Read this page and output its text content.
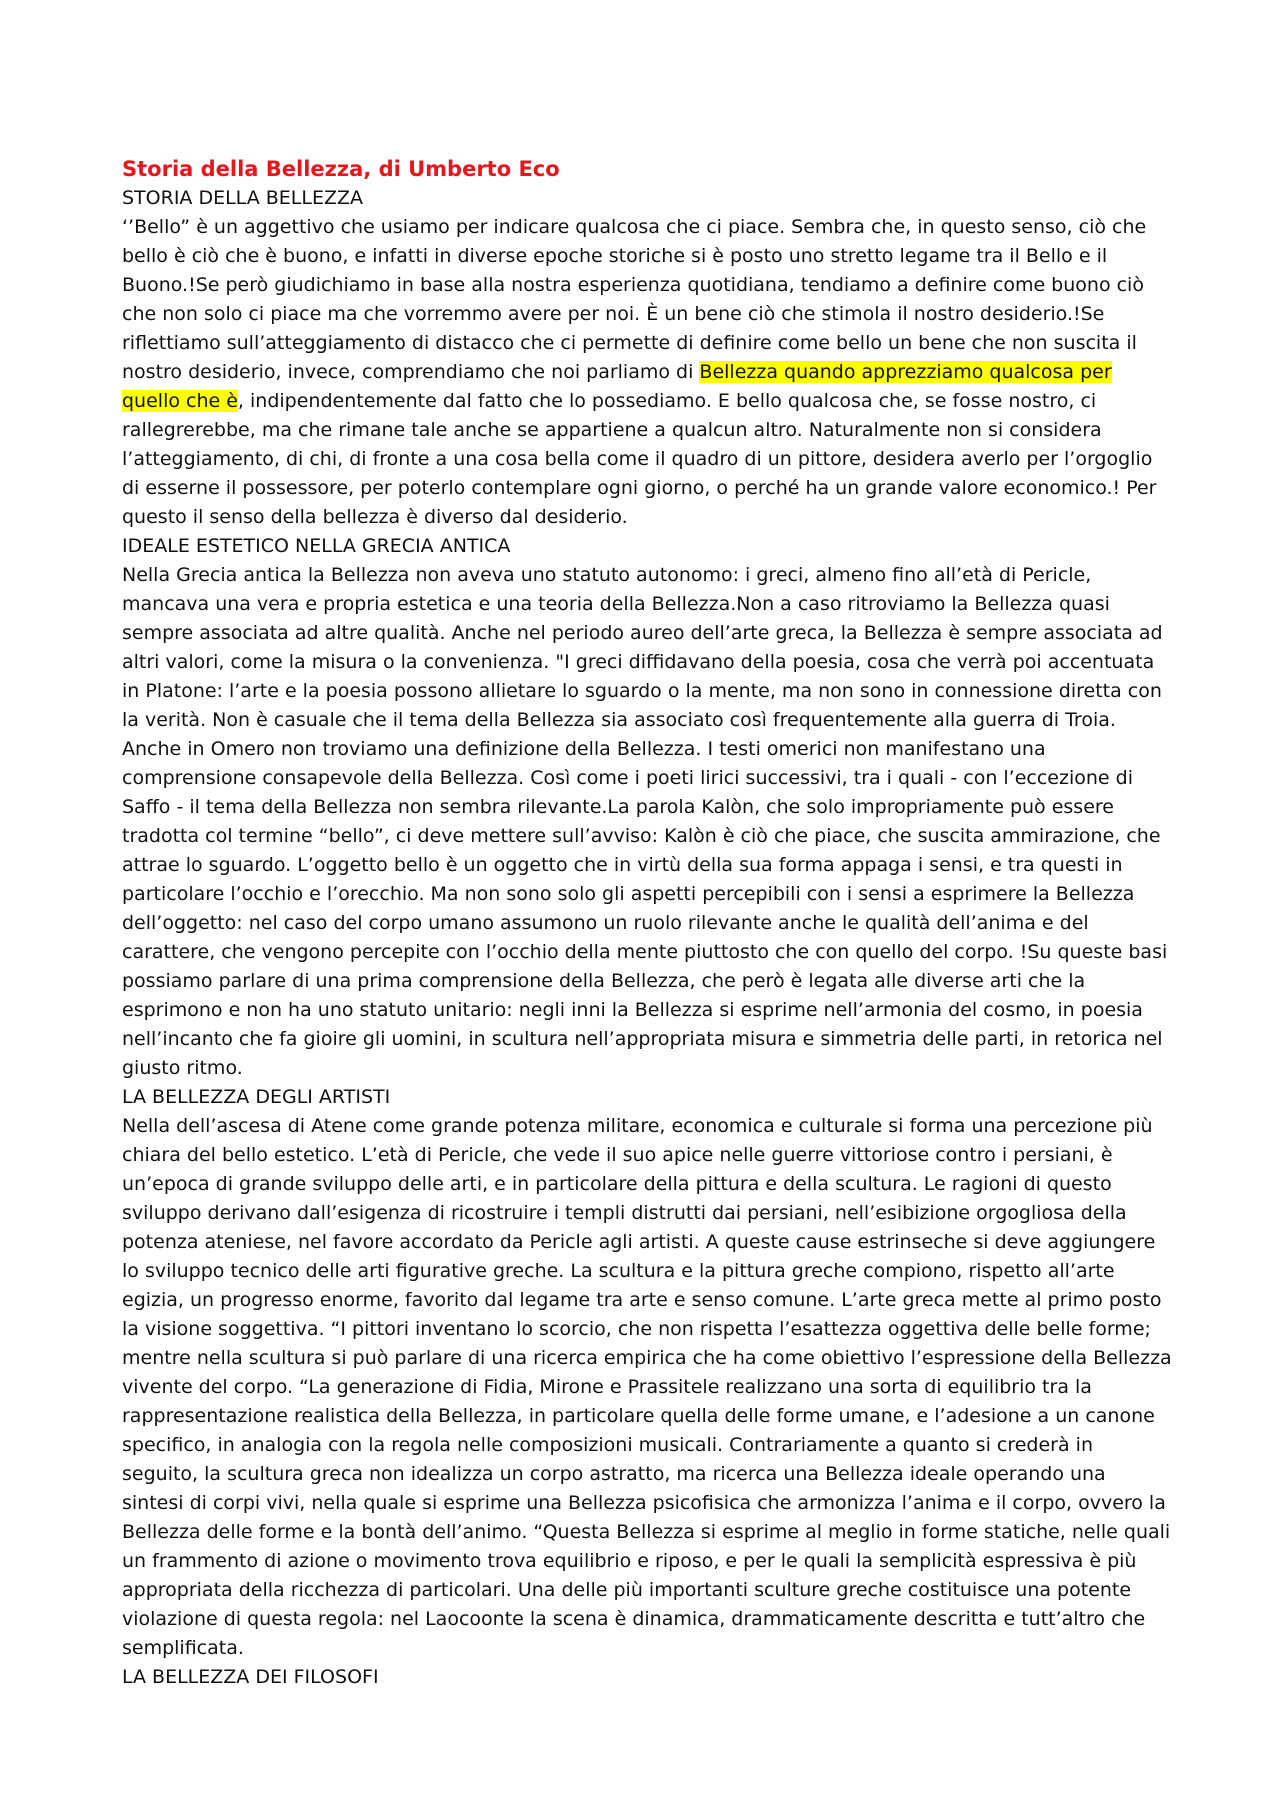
Storia della Bellezza, di Umberto Eco
STORIA DELLA BELLEZZA

‘’Bello” è un aggettivo che usiamo per indicare qualcosa che ci piace. Sembra che, in questo senso, ciò che bello è ciò che è buono, e infatti in diverse epoche storiche si è posto uno stretto legame tra il Bello e il Buono.!Se però giudichiamo in base alla nostra esperienza quotidiana, tendiamo a definire come buono ciò che non solo ci piace ma che vorremmo avere per noi. È un bene ciò che stimola il nostro desiderio.!Se riflettiamo sull’atteggiamento di distacco che ci permette di definire come bello un bene che non suscita il nostro desiderio, invece, comprendiamo che noi parliamo di Bellezza quando apprezziamo qualcosa per quello che è, indipendentemente dal fatto che lo possediamo. E bello qualcosa che, se fosse nostro, ci rallegrerebbe, ma che rimane tale anche se appartiene a qualcun altro. Naturalmente non si considera l’atteggiamento, di chi, di fronte a una cosa bella come il quadro di un pittore, desidera averlo per l’orgoglio di esserne il possessore, per poterlo contemplare ogni giorno, o perché ha un grande valore economico.! Per questo il senso della bellezza è diverso dal desiderio.

IDEALE ESTETICO NELLA GRECIA ANTICA

Nella Grecia antica la Bellezza non aveva uno statuto autonomo: i greci, almeno fino all’età di Pericle, mancava una vera e propria estetica e una teoria della Bellezza.Non a caso ritroviamo la Bellezza quasi sempre associata ad altre qualità. Anche nel periodo aureo dell’arte greca, la Bellezza è sempre associata ad altri valori, come la misura o la convenienza. "I greci diffidavano della poesia, cosa che verrà poi accentuata in Platone: l’arte e la poesia possono allietare lo sguardo o la mente, ma non sono in connessione diretta con la verità. Non è casuale che il tema della Bellezza sia associato così frequentemente alla guerra di Troia. Anche in Omero non troviamo una definizione della Bellezza. I testi omerici non manifestano una comprensione consapevole della Bellezza. Così come i poeti lirici successivi, tra i quali - con l’eccezione di Saffo - il tema della Bellezza non sembra rilevante.La parola Kalòn, che solo impropriamente può essere tradotta col termine “bello”, ci deve mettere sull’avviso: Kalòn è ciò che piace, che suscita ammirazione, che attrae lo sguardo. L’oggetto bello è un oggetto che in virtù della sua forma appaga i sensi, e tra questi in particolare l’occhio e l’orecchio. Ma non sono solo gli aspetti percepibili con i sensi a esprimere la Bellezza dell’oggetto: nel caso del corpo umano assumono un ruolo rilevante anche le qualità dell’anima e del carattere, che vengono percepite con l’occhio della mente piuttosto che con quello del corpo. !Su queste basi possiamo parlare di una prima comprensione della Bellezza, che però è legata alle diverse arti che la esprimono e non ha uno statuto unitario: negli inni la Bellezza si esprime nell’armonia del cosmo, in poesia nell’incanto che fa gioire gli uomini, in scultura nell’appropriata misura e simmetria delle parti, in retorica nel giusto ritmo.

LA BELLEZZA DEGLI ARTISTI

Nella dell’ascesa di Atene come grande potenza militare, economica e culturale si forma una percezione più chiara del bello estetico. L’età di Pericle, che vede il suo apice nelle guerre vittoriose contro i persiani, è un’epoca di grande sviluppo delle arti, e in particolare della pittura e della scultura. Le ragioni di questo sviluppo derivano dall’esigenza di ricostruire i templi distrutti dai persiani, nell’esibizione orgogliosa della potenza ateniese, nel favore accordato da Pericle agli artisti. A queste cause estrinseche si deve aggiungere lo sviluppo tecnico delle arti figurative greche. La scultura e la pittura greche compiono, rispetto all’arte egizia, un progresso enorme, favorito dal legame tra arte e senso comune. L’arte greca mette al primo posto la visione soggettiva. “I pittori inventano lo scorcio, che non rispetta l’esattezza oggettiva delle belle forme; mentre nella scultura si può parlare di una ricerca empirica che ha come obiettivo l’espressione della Bellezza vivente del corpo. “La generazione di Fidia, Mirone e Prassitele realizzano una sorta di equilibrio tra la rappresentazione realistica della Bellezza, in particolare quella delle forme umane, e l’adesione a un canone specifico, in analogia con la regola nelle composizioni musicali. Contrariamente a quanto si crederà in seguito, la scultura greca non idealizza un corpo astratto, ma ricerca una Bellezza ideale operando una sintesi di corpi vivi, nella quale si esprime una Bellezza psicofisica che armonizza l’anima e il corpo, ovvero la Bellezza delle forme e la bontà dell’animo. “Questa Bellezza si esprime al meglio in forme statiche, nelle quali un frammento di azione o movimento trova equilibrio e riposo, e per le quali la semplicità espressiva è più appropriata della ricchezza di particolari. Una delle più importanti sculture greche costituisce una potente violazione di questa regola: nel Laocoonte la scena è dinamica, drammaticamente descritta e tutt’altro che semplificata.

LA BELLEZZA DEI FILOSOFI
